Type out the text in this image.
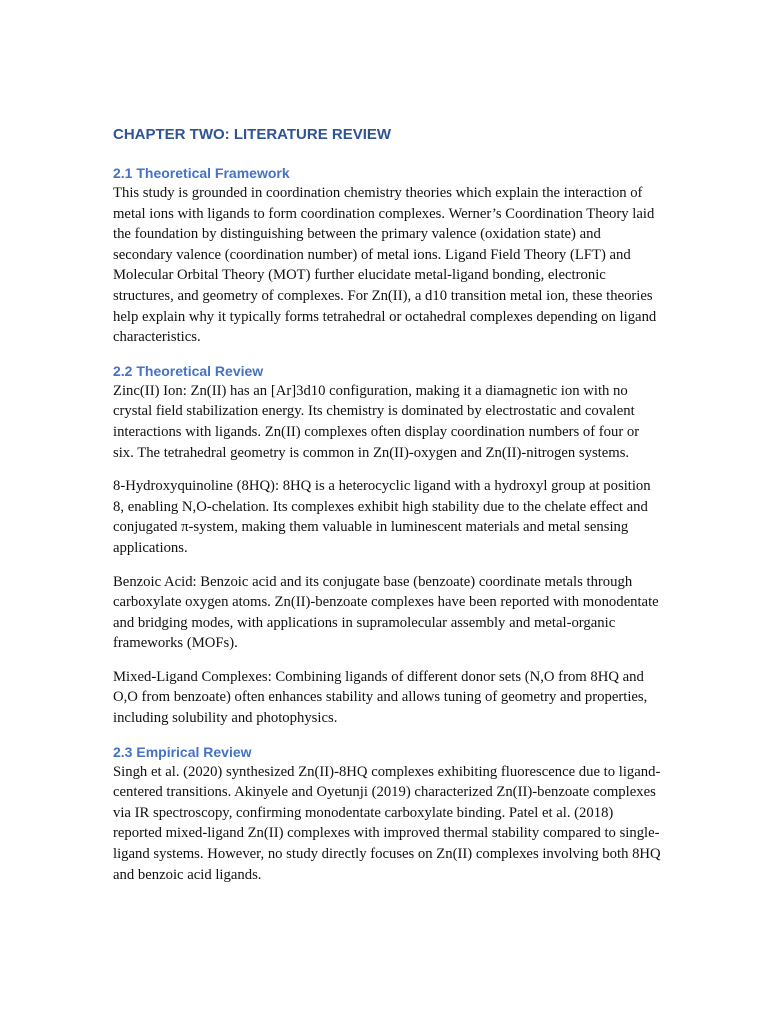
CHAPTER TWO: LITERATURE REVIEW
2.1 Theoretical Framework

This study is grounded in coordination chemistry theories which explain the interaction of metal ions with ligands to form coordination complexes. Werner’s Coordination Theory laid the foundation by distinguishing between the primary valence (oxidation state) and secondary valence (coordination number) of metal ions. Ligand Field Theory (LFT) and Molecular Orbital Theory (MOT) further elucidate metal-ligand bonding, electronic structures, and geometry of complexes. For Zn(II), a d10 transition metal ion, these theories help explain why it typically forms tetrahedral or octahedral complexes depending on ligand characteristics.

2.2 Theoretical Review

Zinc(II) Ion: Zn(II) has an [Ar]3d10 configuration, making it a diamagnetic ion with no crystal field stabilization energy. Its chemistry is dominated by electrostatic and covalent interactions with ligands. Zn(II) complexes often display coordination numbers of four or six. The tetrahedral geometry is common in Zn(II)-oxygen and Zn(II)-nitrogen systems.

8-Hydroxyquinoline (8HQ): 8HQ is a heterocyclic ligand with a hydroxyl group at position 8, enabling N,O-chelation. Its complexes exhibit high stability due to the chelate effect and conjugated π-system, making them valuable in luminescent materials and metal sensing applications.

Benzoic Acid: Benzoic acid and its conjugate base (benzoate) coordinate metals through carboxylate oxygen atoms. Zn(II)-benzoate complexes have been reported with monodentate and bridging modes, with applications in supramolecular assembly and metal-organic frameworks (MOFs).

Mixed-Ligand Complexes: Combining ligands of different donor sets (N,O from 8HQ and O,O from benzoate) often enhances stability and allows tuning of geometry and properties, including solubility and photophysics.

2.3 Empirical Review

Singh et al. (2020) synthesized Zn(II)-8HQ complexes exhibiting fluorescence due to ligand-centered transitions. Akinyele and Oyetunji (2019) characterized Zn(II)-benzoate complexes via IR spectroscopy, confirming monodentate carboxylate binding. Patel et al. (2018) reported mixed-ligand Zn(II) complexes with improved thermal stability compared to single-ligand systems. However, no study directly focuses on Zn(II) complexes involving both 8HQ and benzoic acid ligands.
